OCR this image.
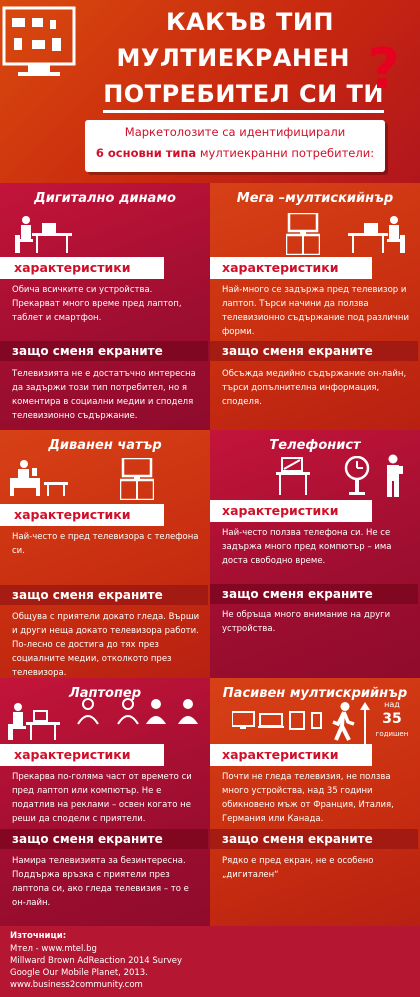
КАКЪВ ТИП
МУЛТИЕКРАНЕН
ПОТРЕБИТЕЛ СИ ТИ
?
Маркетолозите са идентифицирали
6 основни типа мултиекранни потребители:
Дигитално динамо
характеристики
Обича всичките си устройства. Прекарват много време пред лаптоп, таблет и смартфон.
защо сменя екраните
Телевизията не е достатъчно интересна да задържи този тип потребител, но я коментира в социални медии и споделя телевизионно съдържание.
Мега –мултискийнър
характеристики
Най-много се задържа пред телевизор и лаптоп. Търси начини да ползва телевизионно съдържание под различни форми.
защо сменя екраните
Обсъжда медийно съдържание он-лайн, търси допълнителна информация, споделя.
Диванен чатър
характеристики
Най-често е пред телевизора с телефона си.
защо сменя екраните
Общува с приятели докато гледа. Върши и други неща докато телевизора работи. По-лесно се достига до тях през социалните медии, отколкото през телевизора.
Телефонист
характеристики
Най-често ползва телефона си. Не се задържа много пред компютър – има доста свободно време.
защо сменя екраните
Не обръща много внимание на други устройства.
Лаптопер
характеристики
Прекарва по-голяма част от времето си пред лаптоп или компютър. Не е податлив на реклами – освен когато не реши да сподели с приятели.
защо сменя екраните
Намира телевизията за безинтересна. Поддържа връзка с приятели през лаптопа си, ако гледа телевизия – то е он-лайн.
Пасивен мултискрийнър
над
35
годишен
характеристики
Почти не гледа телевизия, не ползва много устройства, над 35 години обикновено мъж от Франция, Италия, Германия или Канада.
защо сменя екраните
Рядко е пред екран, не е особено „дигитален“
Източници:
Мтел - www.mtel.bg
Millward Brown AdReaction 2014 Survey
Google Our Mobile Planet, 2013.
www.business2community.com
